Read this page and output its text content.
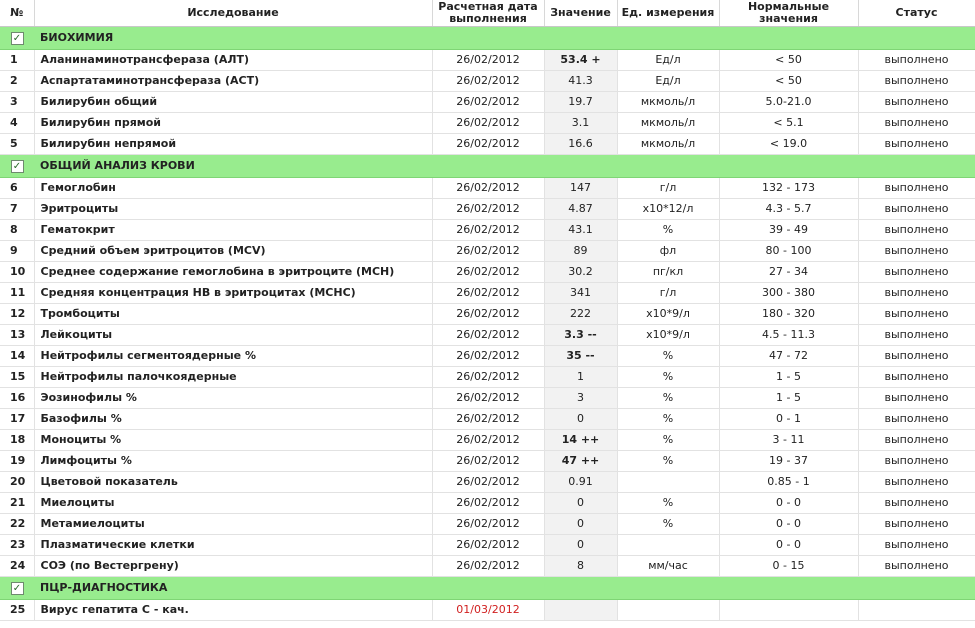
№	Исследование	Расчетная дата выполнения	Значение	Ед. измерения	Нормальные значения	Статус
✓	БИОХИМИЯ					
1	Аланинаминотрансфераза (АЛТ)	26/02/2012	53.4 +	Ед/л	< 50	выполнено
2	Аспартатаминотрансфераза (АСТ)	26/02/2012	41.3	Ед/л	< 50	выполнено
3	Билирубин общий	26/02/2012	19.7	мкмоль/л	5.0-21.0	выполнено
4	Билирубин прямой	26/02/2012	3.1	мкмоль/л	< 5.1	выполнено
5	Билирубин непрямой	26/02/2012	16.6	мкмоль/л	< 19.0	выполнено
✓	ОБЩИЙ АНАЛИЗ КРОВИ					
6	Гемоглобин	26/02/2012	147	г/л	132 - 173	выполнено
7	Эритроциты	26/02/2012	4.87	x10*12/л	4.3 - 5.7	выполнено
8	Гематокрит	26/02/2012	43.1	%	39 - 49	выполнено
9	Средний объем эритроцитов (MCV)	26/02/2012	89	фл	80 - 100	выполнено
10	Среднее содержание гемоглобина в эритроците (MCH)	26/02/2012	30.2	пг/кл	27 - 34	выполнено
11	Средняя концентрация HB в эритроцитах (MCHC)	26/02/2012	341	г/л	300 - 380	выполнено
12	Тромбоциты	26/02/2012	222	x10*9/л	180 - 320	выполнено
13	Лейкоциты	26/02/2012	3.3 --	x10*9/л	4.5 - 11.3	выполнено
14	Нейтрофилы сегментоядерные %	26/02/2012	35 --	%	47 - 72	выполнено
15	Нейтрофилы палочкоядерные	26/02/2012	1	%	1 - 5	выполнено
16	Эозинофилы %	26/02/2012	3	%	1 - 5	выполнено
17	Базофилы %	26/02/2012	0	%	0 - 1	выполнено
18	Моноциты %	26/02/2012	14 ++	%	3 - 11	выполнено
19	Лимфоциты %	26/02/2012	47 ++	%	19 - 37	выполнено
20	Цветовой показатель	26/02/2012	0.91		0.85 - 1	выполнено
21	Миелоциты	26/02/2012	0	%	0 - 0	выполнено
22	Метамиелоциты	26/02/2012	0	%	0 - 0	выполнено
23	Плазматические клетки	26/02/2012	0		0 - 0	выполнено
24	СОЭ (по Вестергрену)	26/02/2012	8	мм/час	0 - 15	выполнено
✓	ПЦР-ДИАГНОСТИКА					
25	Вирус гепатита С - кач.	01/03/2012				
